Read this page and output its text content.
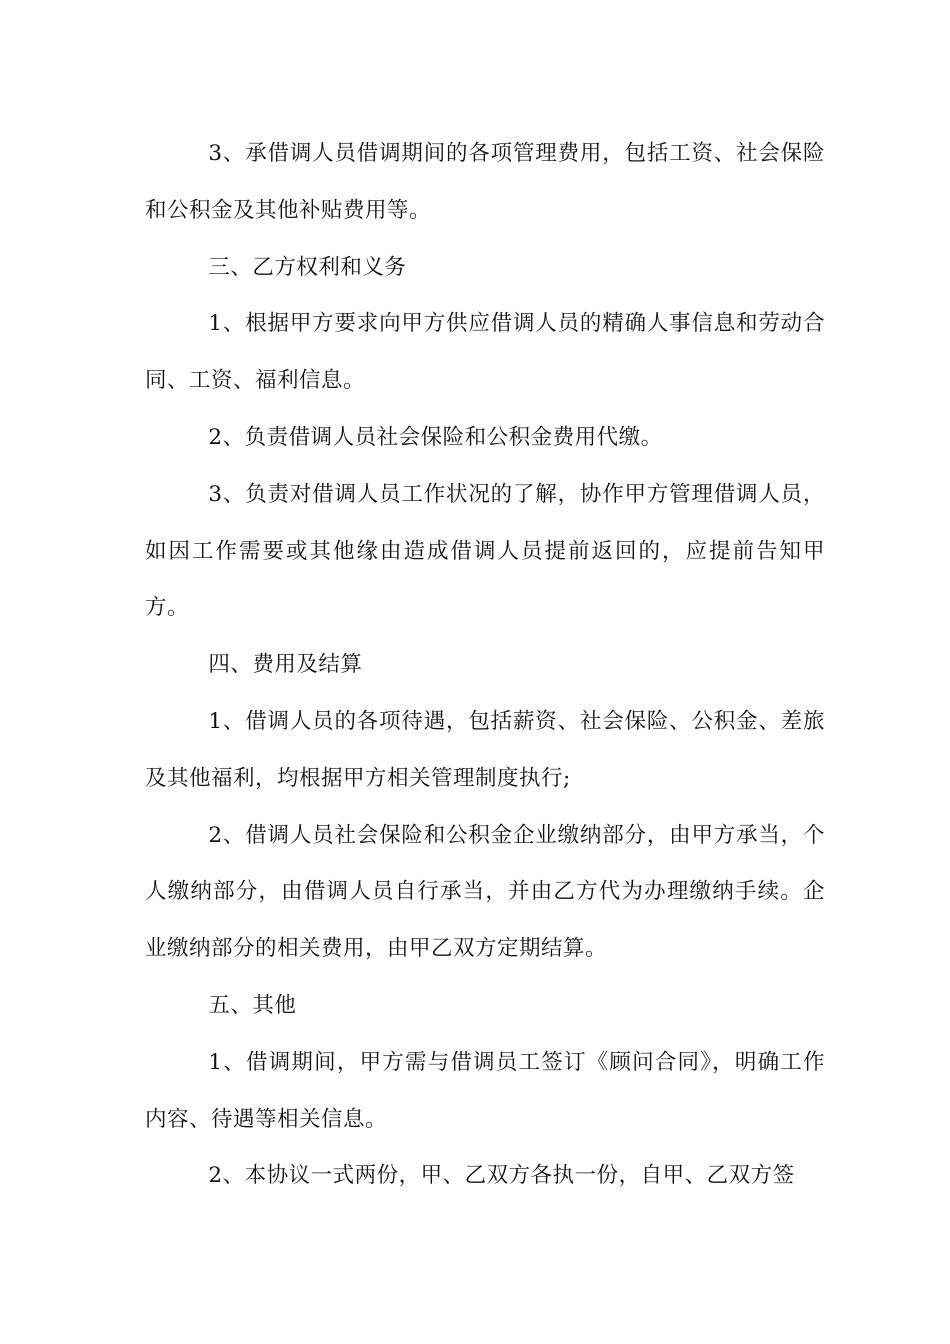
3、承借调人员借调期间的各项管理费用，包括工资、社会保险和公积金及其他补贴费用等。

三、乙方权利和义务

1、根据甲方要求向甲方供应借调人员的精确人事信息和劳动合同、工资、福利信息。

2、负责借调人员社会保险和公积金费用代缴。

3、负责对借调人员工作状况的了解，协作甲方管理借调人员，如因工作需要或其他缘由造成借调人员提前返回的，应提前告知甲方。

四、费用及结算

1、借调人员的各项待遇，包括薪资、社会保险、公积金、差旅及其他福利，均根据甲方相关管理制度执行;

2、借调人员社会保险和公积金企业缴纳部分，由甲方承当，个人缴纳部分，由借调人员自行承当，并由乙方代为办理缴纳手续。企业缴纳部分的相关费用，由甲乙双方定期结算。

五、其他

1、借调期间，甲方需与借调员工签订《顾问合同》，明确工作内容、待遇等相关信息。

2、本协议一式两份，甲、乙双方各执一份，自甲、乙双方签
